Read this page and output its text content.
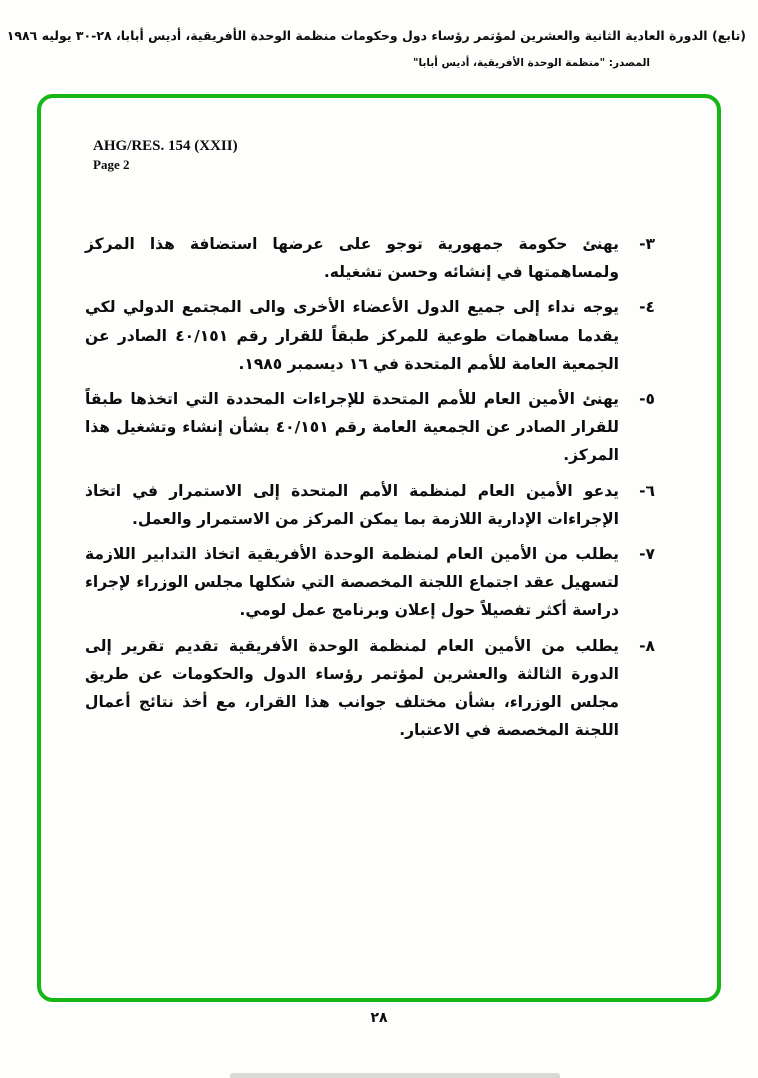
(تابع) الدورة العادية الثانية والعشرين لمؤتمر رؤساء دول وحكومات منظمة الوحدة الأفريقية، أديس أبابا، ٢٨-٣٠ يوليه ١٩٨٦
المصدر: "منظمة الوحدة الأفريقية، أديس أبابا"
AHG/RES. 154 (XXII)
Page 2
٣-
يهنئ حكومة جمهورية توجو على عرضها استضافة هذا المركز ولمساهمتها في إنشائه وحسن تشغيله.
٤-
يوجه نداء إلى جميع الدول الأعضاء الأخرى والى المجتمع الدولي لكي يقدما مساهمات طوعية للمركز طبقاً للقرار رقم ٤٠/١٥١ الصادر عن الجمعية العامة للأمم المتحدة في ١٦ ديسمبر ١٩٨٥.
٥-
يهنئ الأمين العام للأمم المتحدة للإجراءات المحددة التي اتخذها طبقاً للقرار الصادر عن الجمعية العامة رقم ٤٠/١٥١ بشأن إنشاء وتشغيل هذا المركز.
٦-
يدعو الأمين العام لمنظمة الأمم المتحدة إلى الاستمرار في اتخاذ الإجراءات الإدارية اللازمة بما يمكن المركز من الاستمرار والعمل.
٧-
يطلب من الأمين العام لمنظمة الوحدة الأفريقية اتخاذ التدابير اللازمة لتسهيل عقد اجتماع اللجنة المخصصة التي شكلها مجلس الوزراء لإجراء دراسة أكثر تفصيلاً حول إعلان وبرنامج عمل لومي.
٨-
يطلب من الأمين العام لمنظمة الوحدة الأفريقية تقديم تقرير إلى الدورة الثالثة والعشرين لمؤتمر رؤساء الدول والحكومات عن طريق مجلس الوزراء، بشأن مختلف جوانب هذا القرار، مع أخذ نتائج أعمال اللجنة المخصصة في الاعتبار.
٢٨
